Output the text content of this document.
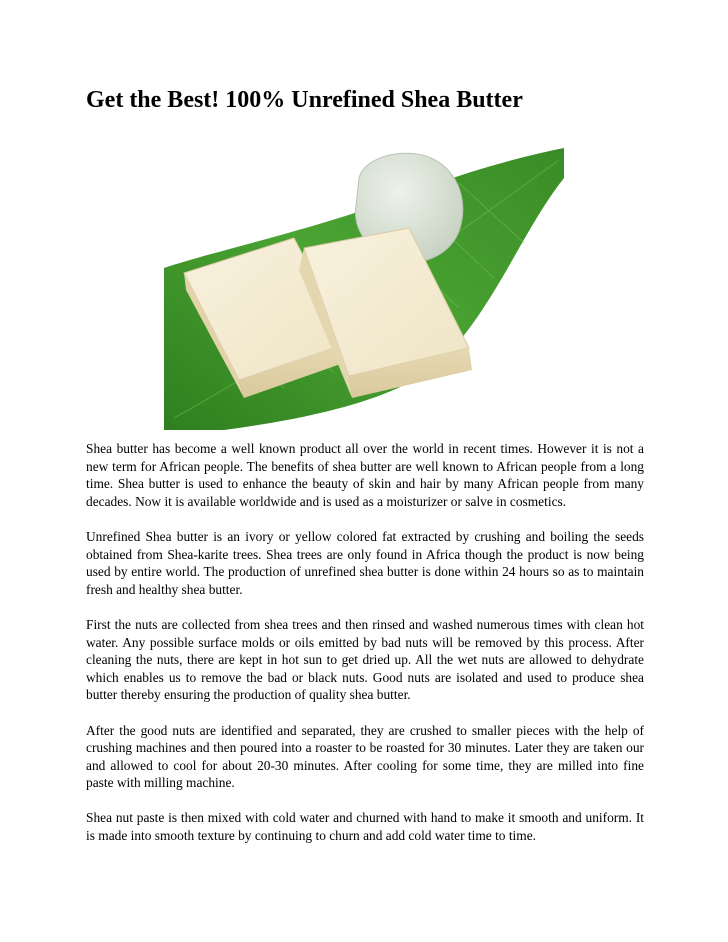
Get the Best! 100% Unrefined Shea Butter

Shea butter has become a well known product all over the world in recent times. However it is not a new term for African people. The benefits of shea butter are well known to African people from a long time. Shea butter is used to enhance the beauty of skin and hair by many African people from many decades. Now it is available worldwide and is used as a moisturizer or salve in cosmetics.

Unrefined Shea butter is an ivory or yellow colored fat extracted by crushing and boiling the seeds obtained from Shea-karite trees. Shea trees are only found in Africa though the product is now being used by entire world. The production of unrefined shea butter is done within 24 hours so as to maintain fresh and healthy shea butter.

First the nuts are collected from shea trees and then rinsed and washed numerous times with clean hot water. Any possible surface molds or oils emitted by bad nuts will be removed by this process. After cleaning the nuts, there are kept in hot sun to get dried up. All the wet nuts are allowed to dehydrate which enables us to remove the bad or black nuts. Good nuts are isolated and used to produce shea butter thereby ensuring the production of quality shea butter.

After the good nuts are identified and separated, they are crushed to smaller pieces with the help of crushing machines and then poured into a roaster to be roasted for 30 minutes. Later they are taken our and allowed to cool for about 20-30 minutes. After cooling for some time, they are milled into fine paste with milling machine.

Shea nut paste is then mixed with cold water and churned with hand to make it smooth and uniform. It is made into smooth texture by continuing to churn and add cold water time to time.
